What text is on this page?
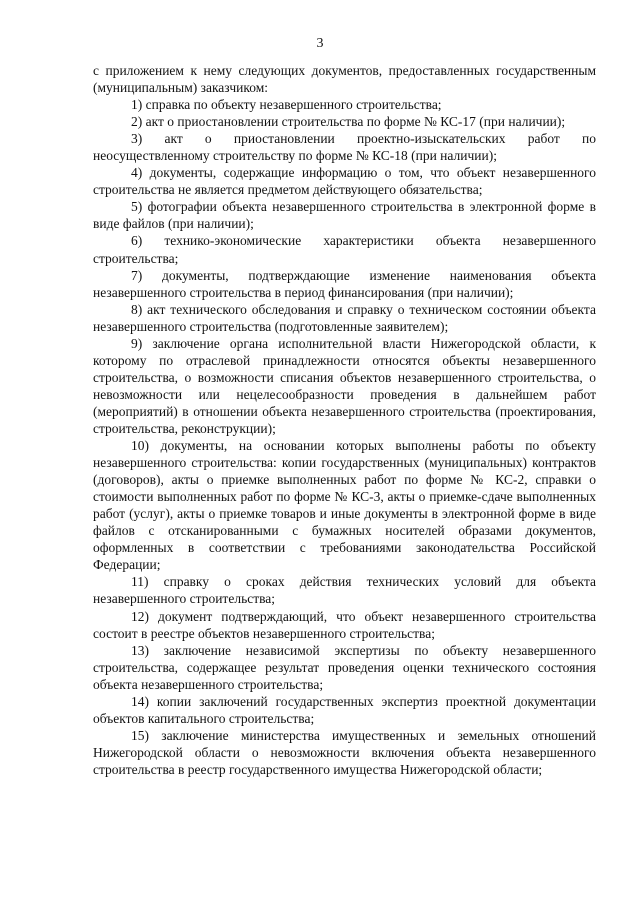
3

с приложением к нему следующих документов, предоставленных государственным (муниципальным) заказчиком:

1) справка по объекту незавершенного строительства;

2) акт о приостановлении строительства по форме № КС-17 (при наличии);

3) акт о приостановлении проектно-изыскательских работ по неосуществленному строительству по форме № КС-18 (при наличии);

4) документы, содержащие информацию о том, что объект незавершенного строительства не является предметом действующего обязательства;

5) фотографии объекта незавершенного строительства в электронной форме в виде файлов (при наличии);

6) технико-экономические характеристики объекта незавершенного строительства;

7) документы, подтверждающие изменение наименования объекта незавершенного строительства в период финансирования (при наличии);

8) акт технического обследования и справку о техническом состоянии объекта незавершенного строительства (подготовленные заявителем);

9) заключение органа исполнительной власти Нижегородской области, к которому по отраслевой принадлежности относятся объекты незавершенного строительства, о возможности списания объектов незавершенного строительства, о невозможности или нецелесообразности проведения в дальнейшем работ (мероприятий) в отношении объекта незавершенного строительства (проектирования, строительства, реконструкции);

10) документы, на основании которых выполнены работы по объекту незавершенного строительства: копии государственных (муниципальных) контрактов (договоров), акты о приемке выполненных работ по форме № КС-2, справки о стоимости выполненных работ по форме № КС-3, акты о приемке-сдаче выполненных работ (услуг), акты о приемке товаров и иные документы в электронной форме в виде файлов с отсканированными с бумажных носителей образами документов, оформленных в соответствии с требованиями законодательства Российской Федерации;

11) справку о сроках действия технических условий для объекта незавершенного строительства;

12) документ подтверждающий, что объект незавершенного строительства состоит в реестре объектов незавершенного строительства;

13) заключение независимой экспертизы по объекту незавершенного строительства, содержащее результат проведения оценки технического состояния объекта незавершенного строительства;

14) копии заключений государственных экспертиз проектной документации объектов капитального строительства;

15) заключение министерства имущественных и земельных отношений Нижегородской области о невозможности включения объекта незавершенного строительства в реестр государственного имущества Нижегородской области;
